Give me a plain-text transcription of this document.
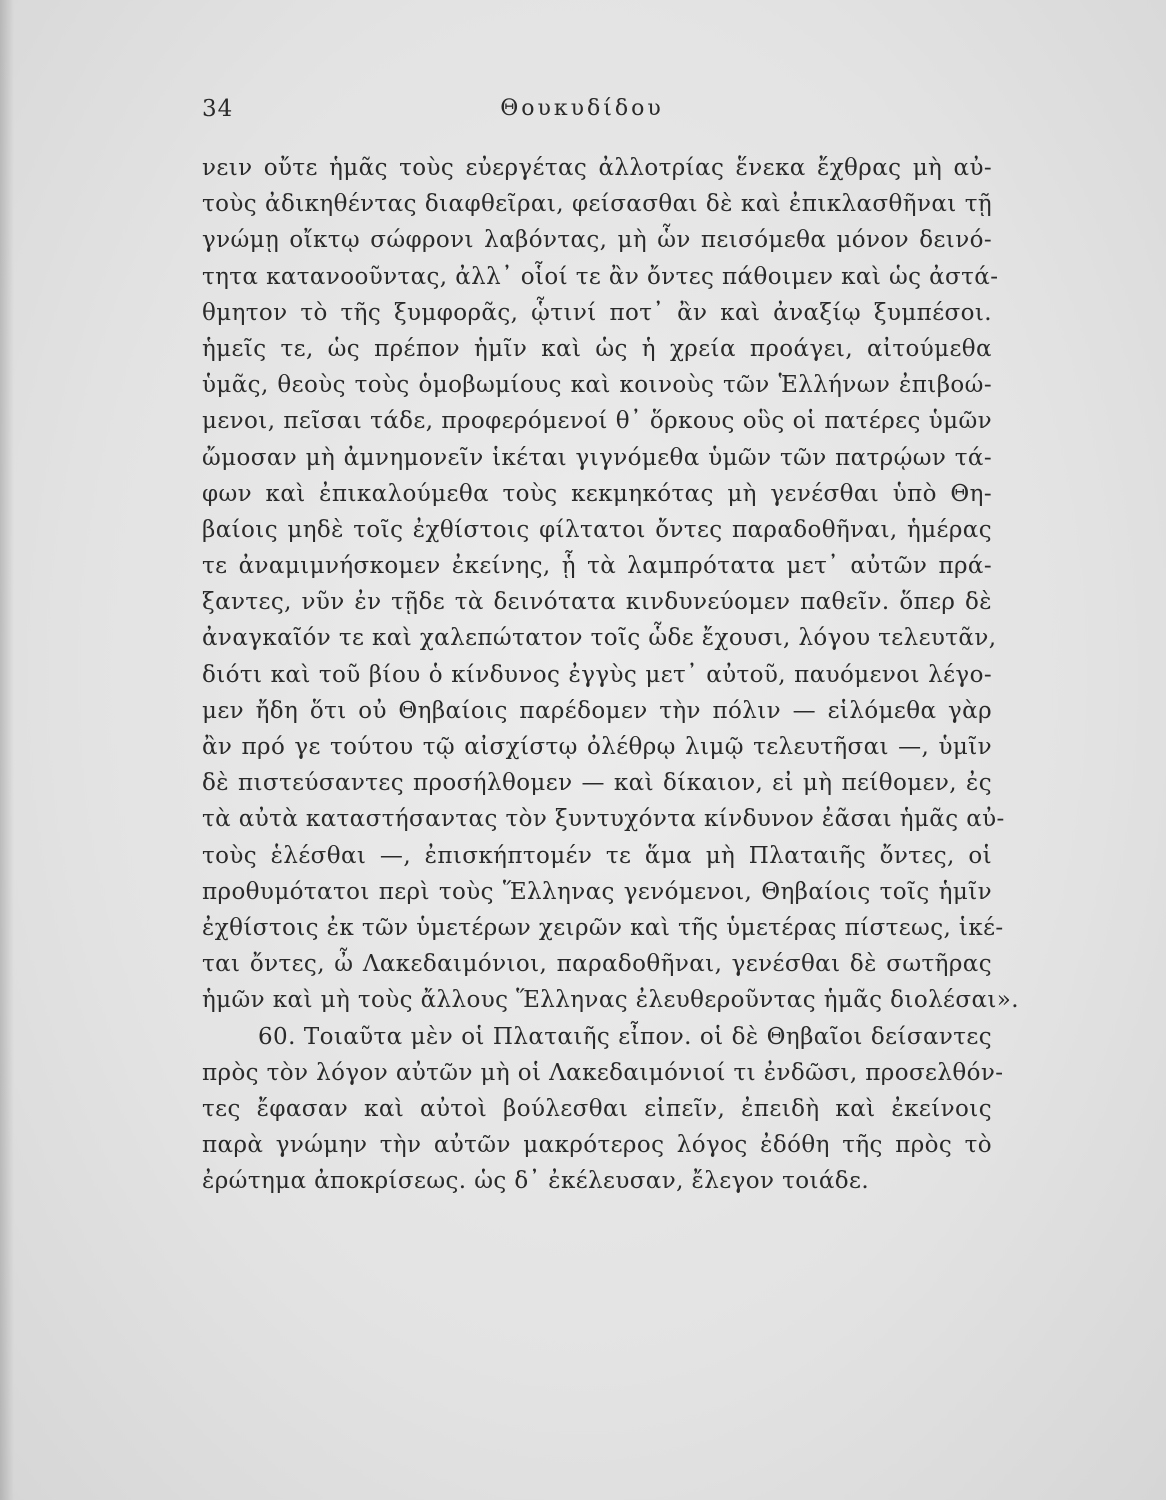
34	Θουκυδίδου
νειν οὔτε ἡμᾶς τοὺς εὐεργέτας ἀλλοτρίας ἕνεκα ἔχθρας μὴ αὐ-
τοὺς ἀδικηθέντας διαφθεῖραι, φείσασθαι δὲ καὶ ἐπικλασθῆναι τῇ
γνώμῃ οἴκτῳ σώφρονι λαβόντας, μὴ ὧν πεισόμεθα μόνον δεινό-
τητα κατανοοῦντας, ἀλλ᾽ οἷοί τε ἂν ὄντες πάθοιμεν καὶ ὡς ἀστά-
θμητον τὸ τῆς ξυμφορᾶς, ᾧτινί ποτ᾽ ἂν καὶ ἀναξίῳ ξυμπέσοι.
ἡμεῖς τε, ὡς πρέπον ἡμῖν καὶ ὡς ἡ χρεία προάγει, αἰτούμεθα
ὑμᾶς, θεοὺς τοὺς ὁμοβωμίους καὶ κοινοὺς τῶν Ἑλλήνων ἐπιβοώ-
μενοι, πεῖσαι τάδε, προφερόμενοί θ᾽ ὅρκους οὓς οἱ πατέρες ὑμῶν
ὤμοσαν μὴ ἀμνημονεῖν ἱκέται γιγνόμεθα ὑμῶν τῶν πατρῴων τά-
φων καὶ ἐπικαλούμεθα τοὺς κεκμηκότας μὴ γενέσθαι ὑπὸ Θη-
βαίοις μηδὲ τοῖς ἐχθίστοις φίλτατοι ὄντες παραδοθῆναι, ἡμέρας
τε ἀναμιμνήσκομεν ἐκείνης, ᾗ τὰ λαμπρότατα μετ᾽ αὐτῶν πρά-
ξαντες, νῦν ἐν τῇδε τὰ δεινότατα κινδυνεύομεν παθεῖν. ὅπερ δὲ
ἀναγκαῖόν τε καὶ χαλεπώτατον τοῖς ὧδε ἔχουσι, λόγου τελευτᾶν,
διότι καὶ τοῦ βίου ὁ κίνδυνος ἐγγὺς μετ᾽ αὐτοῦ, παυόμενοι λέγο-
μεν ἤδη ὅτι οὐ Θηβαίοις παρέδομεν τὴν πόλιν — εἱλόμεθα γὰρ
ἂν πρό γε τούτου τῷ αἰσχίστῳ ὀλέθρῳ λιμῷ τελευτῆσαι —, ὑμῖν
δὲ πιστεύσαντες προσήλθομεν — καὶ δίκαιον, εἰ μὴ πείθομεν, ἐς
τὰ αὐτὰ καταστήσαντας τὸν ξυντυχόντα κίνδυνον ἐᾶσαι ἡμᾶς αὐ-
τοὺς ἑλέσθαι —, ἐπισκήπτομέν τε ἅμα μὴ Πλαταιῆς ὄντες, οἱ
προθυμότατοι περὶ τοὺς Ἕλληνας γενόμενοι, Θηβαίοις τοῖς ἡμῖν
ἐχθίστοις ἐκ τῶν ὑμετέρων χειρῶν καὶ τῆς ὑμετέρας πίστεως, ἱκέ-
ται ὄντες, ὦ Λακεδαιμόνιοι, παραδοθῆναι, γενέσθαι δὲ σωτῆρας
ἡμῶν καὶ μὴ τοὺς ἄλλους Ἕλληνας ἐλευθεροῦντας ἡμᾶς διολέσαι».
60. Τοιαῦτα μὲν οἱ Πλαταιῆς εἶπον. οἱ δὲ Θηβαῖοι δείσαντες
πρὸς τὸν λόγον αὐτῶν μὴ οἱ Λακεδαιμόνιοί τι ἐνδῶσι, προσελθόν-
τες ἔφασαν καὶ αὐτοὶ βούλεσθαι εἰπεῖν, ἐπειδὴ καὶ ἐκείνοις
παρὰ γνώμην τὴν αὐτῶν μακρότερος λόγος ἐδόθη τῆς πρὸς τὸ
ἐρώτημα ἀποκρίσεως. ὡς δ᾽ ἐκέλευσαν, ἔλεγον τοιάδε.
